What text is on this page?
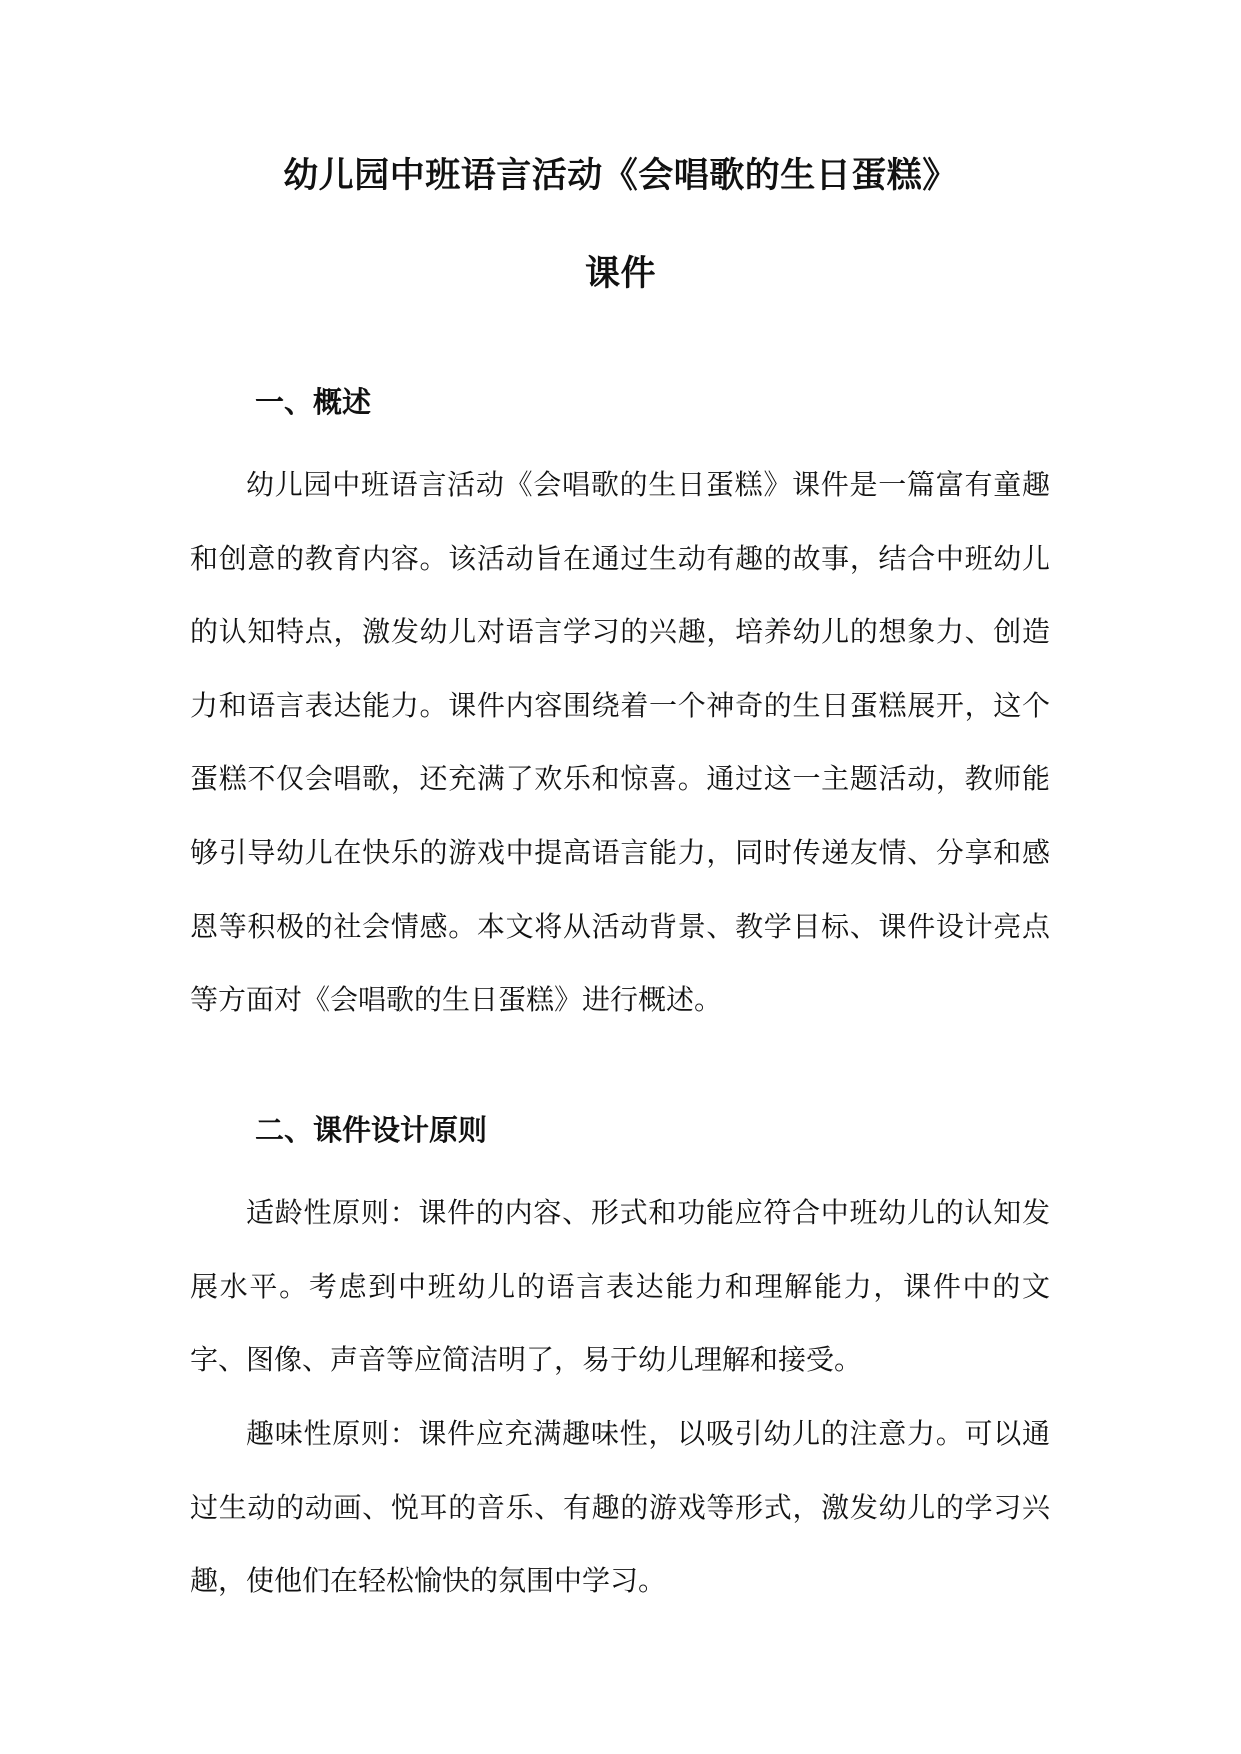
幼儿园中班语言活动《会唱歌的生日蛋糕》
课件
一、概述

幼儿园中班语言活动《会唱歌的生日蛋糕》课件是一篇富有童趣和创意的教育内容。该活动旨在通过生动有趣的故事，结合中班幼儿的认知特点，激发幼儿对语言学习的兴趣，培养幼儿的想象力、创造力和语言表达能力。课件内容围绕着一个神奇的生日蛋糕展开，这个蛋糕不仅会唱歌，还充满了欢乐和惊喜。通过这一主题活动，教师能够引导幼儿在快乐的游戏中提高语言能力，同时传递友情、分享和感恩等积极的社会情感。本文将从活动背景、教学目标、课件设计亮点等方面对《会唱歌的生日蛋糕》进行概述。

二、课件设计原则

适龄性原则：课件的内容、形式和功能应符合中班幼儿的认知发展水平。考虑到中班幼儿的语言表达能力和理解能力，课件中的文字、图像、声音等应简洁明了，易于幼儿理解和接受。

趣味性原则：课件应充满趣味性，以吸引幼儿的注意力。可以通过生动的动画、悦耳的音乐、有趣的游戏等形式，激发幼儿的学习兴趣，使他们在轻松愉快的氛围中学习。
